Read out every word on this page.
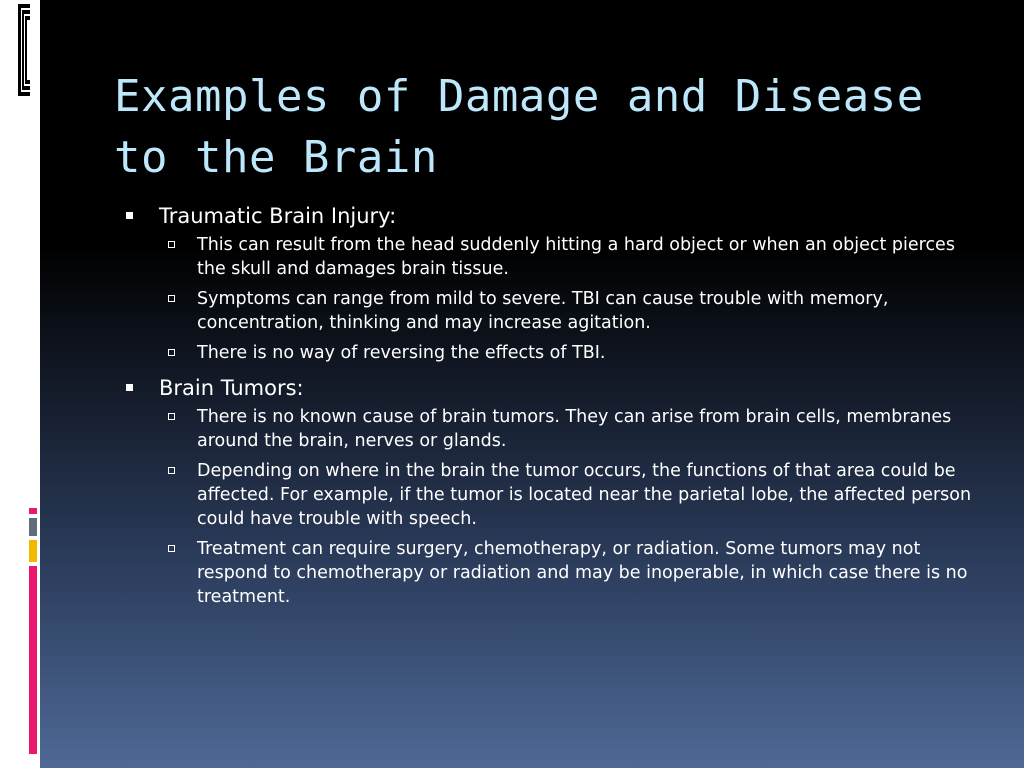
Examples of Damage and Disease to the Brain
Traumatic Brain Injury:
This can result from the head suddenly hitting a hard object or when an object pierces the skull and damages brain tissue.
Symptoms can range from mild to severe. TBI can cause trouble with memory, concentration, thinking and may increase agitation.
There is no way of reversing the effects of TBI.
Brain Tumors:
There is no known cause of brain tumors. They can arise from brain cells, membranes around the brain, nerves or glands.
Depending on where in the brain the tumor occurs, the functions of that area could be affected. For example, if the tumor is located near the parietal lobe, the affected person could have trouble with speech.
Treatment can require surgery, chemotherapy, or radiation. Some tumors may not respond to chemotherapy or radiation and may be inoperable, in which case there is no treatment.
